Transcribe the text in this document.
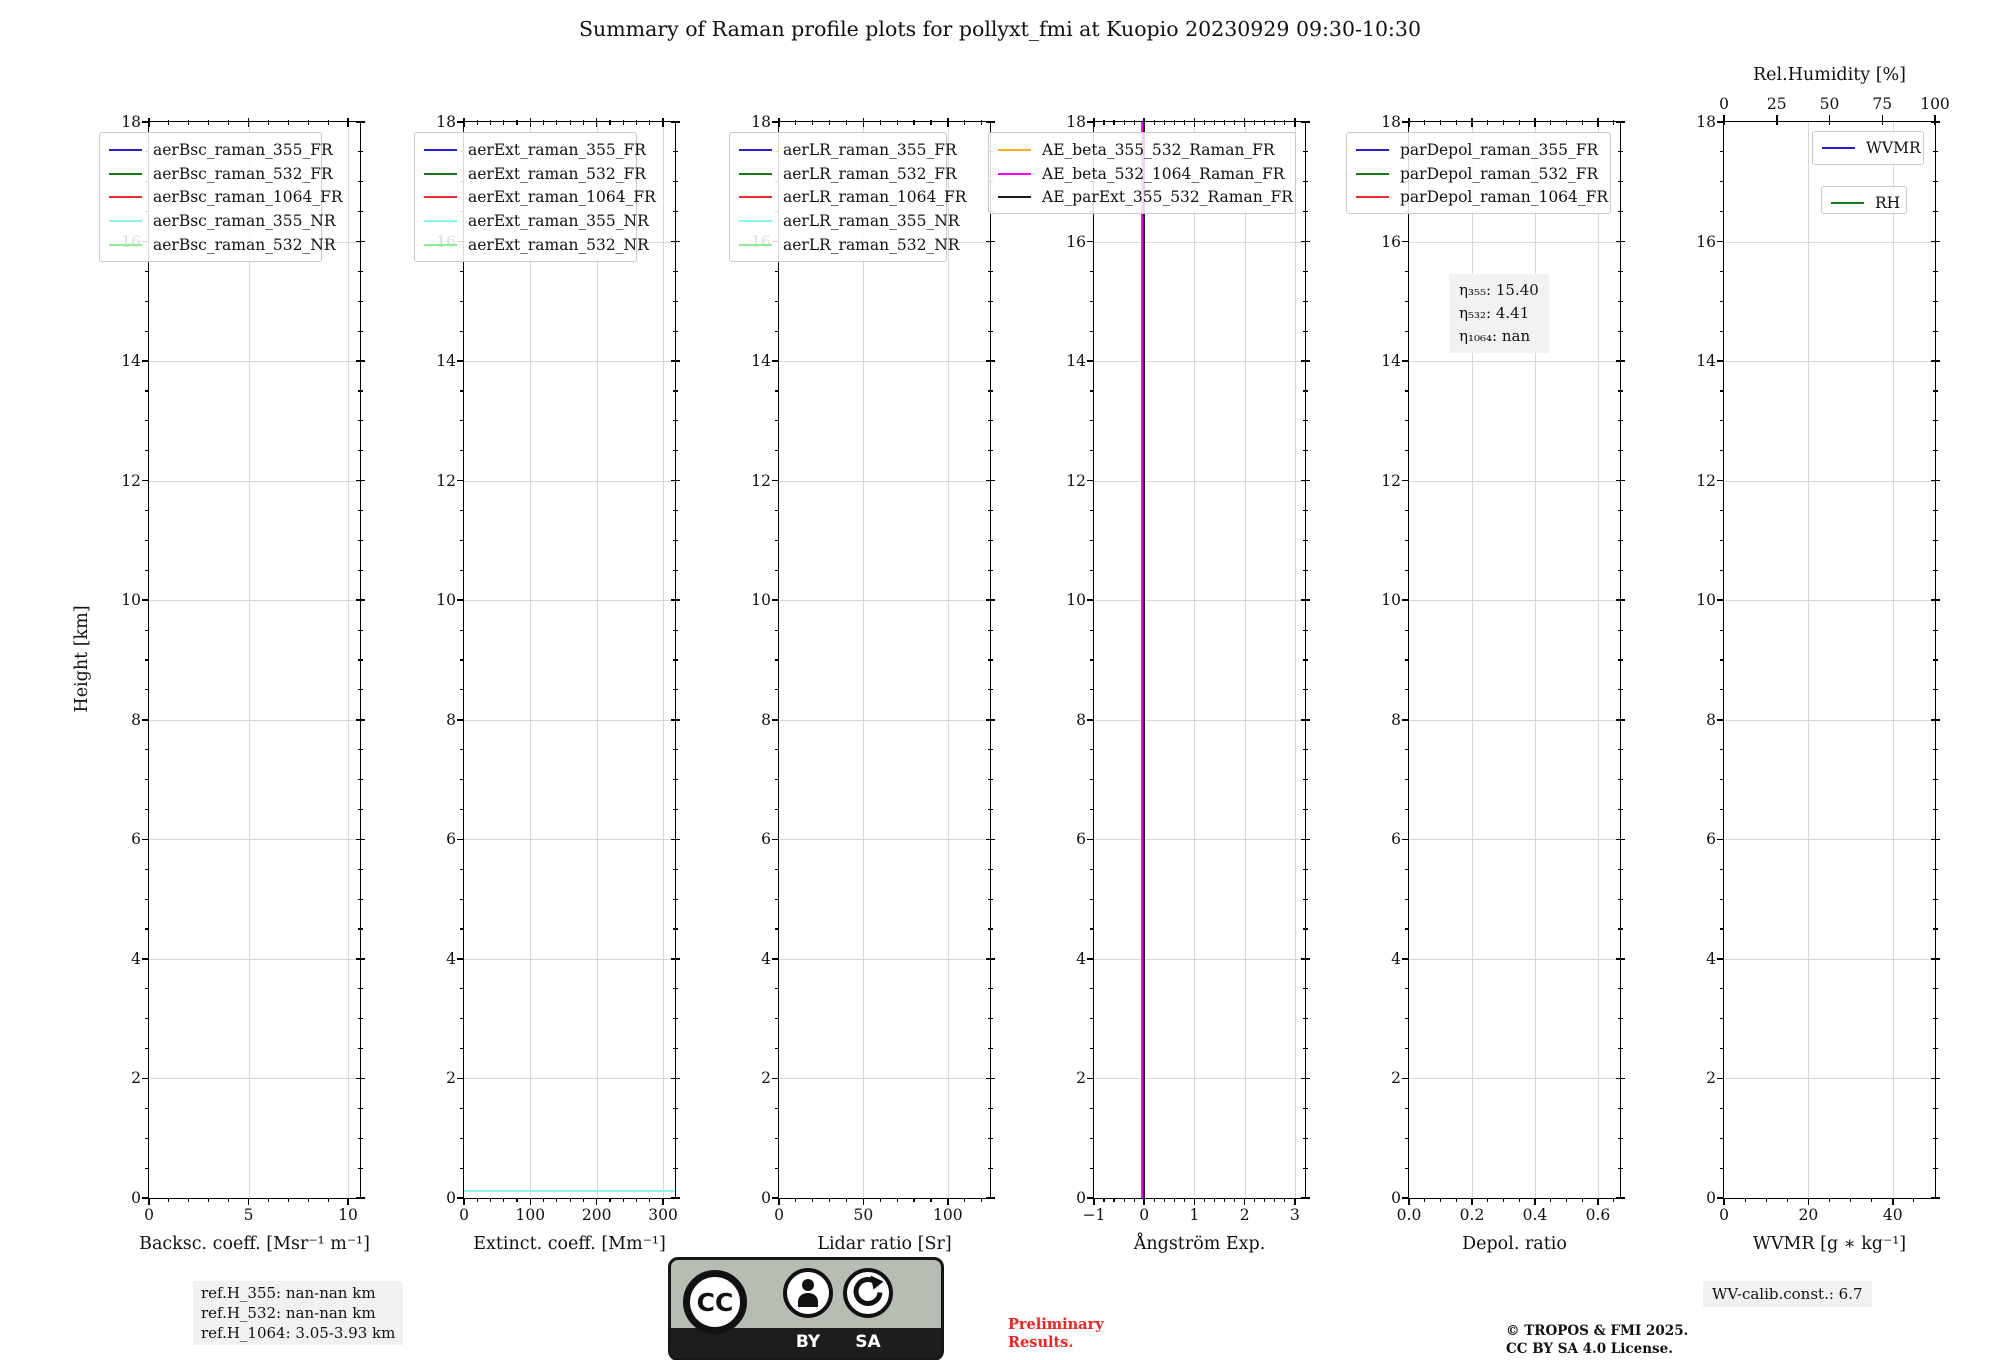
Summary of Raman profile plots for pollyxt_fmi at Kuopio 20230929 09:30-10:30
Height [km]
0	5	10
0
2
4
6
8
10
12
14
18
Backsc. coeff. [Msr⁻¹ m⁻¹]
aerBsc_raman_355_FR
aerBsc_raman_532_FR
aerBsc_raman_1064_FR
aerBsc_raman_355_NR
aerBsc_raman_532_NR
0	100 200 300
0
2
4
6
8
10
12
14
18
Extinct. coeff. [Mm⁻¹]
aerExt_raman_355_FR
aerExt_raman_532_FR
aerExt_raman_1064_FR
aerExt_raman_355_NR
aerExt_raman_532_NR
0	50	100
0
2
4
6
8
10
12
14
18
Lidar ratio [Sr]
aerLR_raman_355_FR
aerLR_raman_532_FR
aerLR_raman_1064_FR
aerLR_raman_355_NR
aerLR_raman_532_NR
−1 0	1	2	3
0
2
4
6
8
10
12
14
16
18
Ångström Exp.
AE_beta_355_532_Raman_FR
AE_beta_532_1064_Raman_FR
AE_parExt_355_532_Raman_FR
0.0 0.2 0.4 0.6
0
2
4
6
8
10
12
14
16
18
Depol. ratio
parDepol_raman_355_FR
parDepol_raman_532_FR
parDepol_raman_1064_FR
η₃₅₅: 15.40
η₅₃₂: 4.41
η₁₀₆₄: nan
0	20	40
0
2
4
6
8
10
12
14
16
18
WVMR [g ∗ kg⁻¹]
0 25 50 75 100
Rel.Humidity [%]
WVMR
RH
ref.H_355: nan-nan km
ref.H_532: nan-nan km
ref.H_1064: 3.05-3.93 km
CC
BY	SA
Preliminary
Results.
© TROPOS & FMI 2025.
CC BY SA 4.0 License.
WV-calib.const.: 6.7
